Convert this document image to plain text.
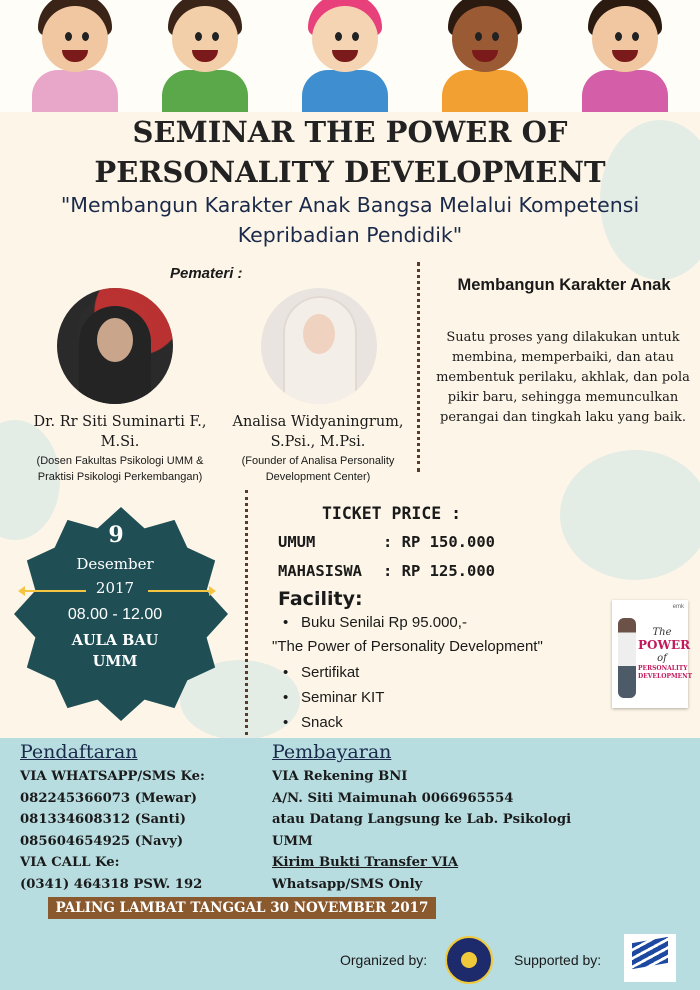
SEMINAR THE POWER OF PERSONALITY DEVELOPMENT
"Membangun Karakter Anak Bangsa Melalui Kompetensi Kepribadian Pendidik"
Pemateri :
Dr. Rr Siti Suminarti F.,
M.Si.
(Dosen Fakultas Psikologi UMM &
Praktisi Psikologi Perkembangan)
Analisa Widyaningrum,
S.Psi., M.Psi.
(Founder of Analisa Personality
Development Center)
Membangun Karakter Anak
Suatu proses yang dilakukan untuk membina, memperbaiki, dan atau membentuk perilaku, akhlak, dan pola pikir baru, sehingga memunculkan perangai dan tingkah laku yang baik.
9
Desember
2017
08.00 - 12.00
AULA BAU
UMM
TICKET PRICE :
UMUM	: RP 150.000
MAHASISWA : RP 125.000
Facility:
• Buku Senilai Rp 95.000,-
"The Power of Personality Development"
• Sertifikat
• Seminar KIT
• Snack
emk
The
POWER
of
PERSONALITY DEVELOPMENT
Pendaftaran
VIA WHATSAPP/SMS Ke:
082245366073 (Mewar)
081334608312 (Santi)
085604654925 (Navy)
VIA CALL Ke:
(0341) 464318 PSW. 192
Pembayaran
VIA Rekening BNI
A/N. Siti Maimunah 0066965554
atau Datang Langsung ke Lab. Psikologi
UMM
Kirim Bukti Transfer VIA
Whatsapp/SMS Only
PALING LAMBAT TANGGAL 30 NOVEMBER 2017
Organized by:	Supported by:
